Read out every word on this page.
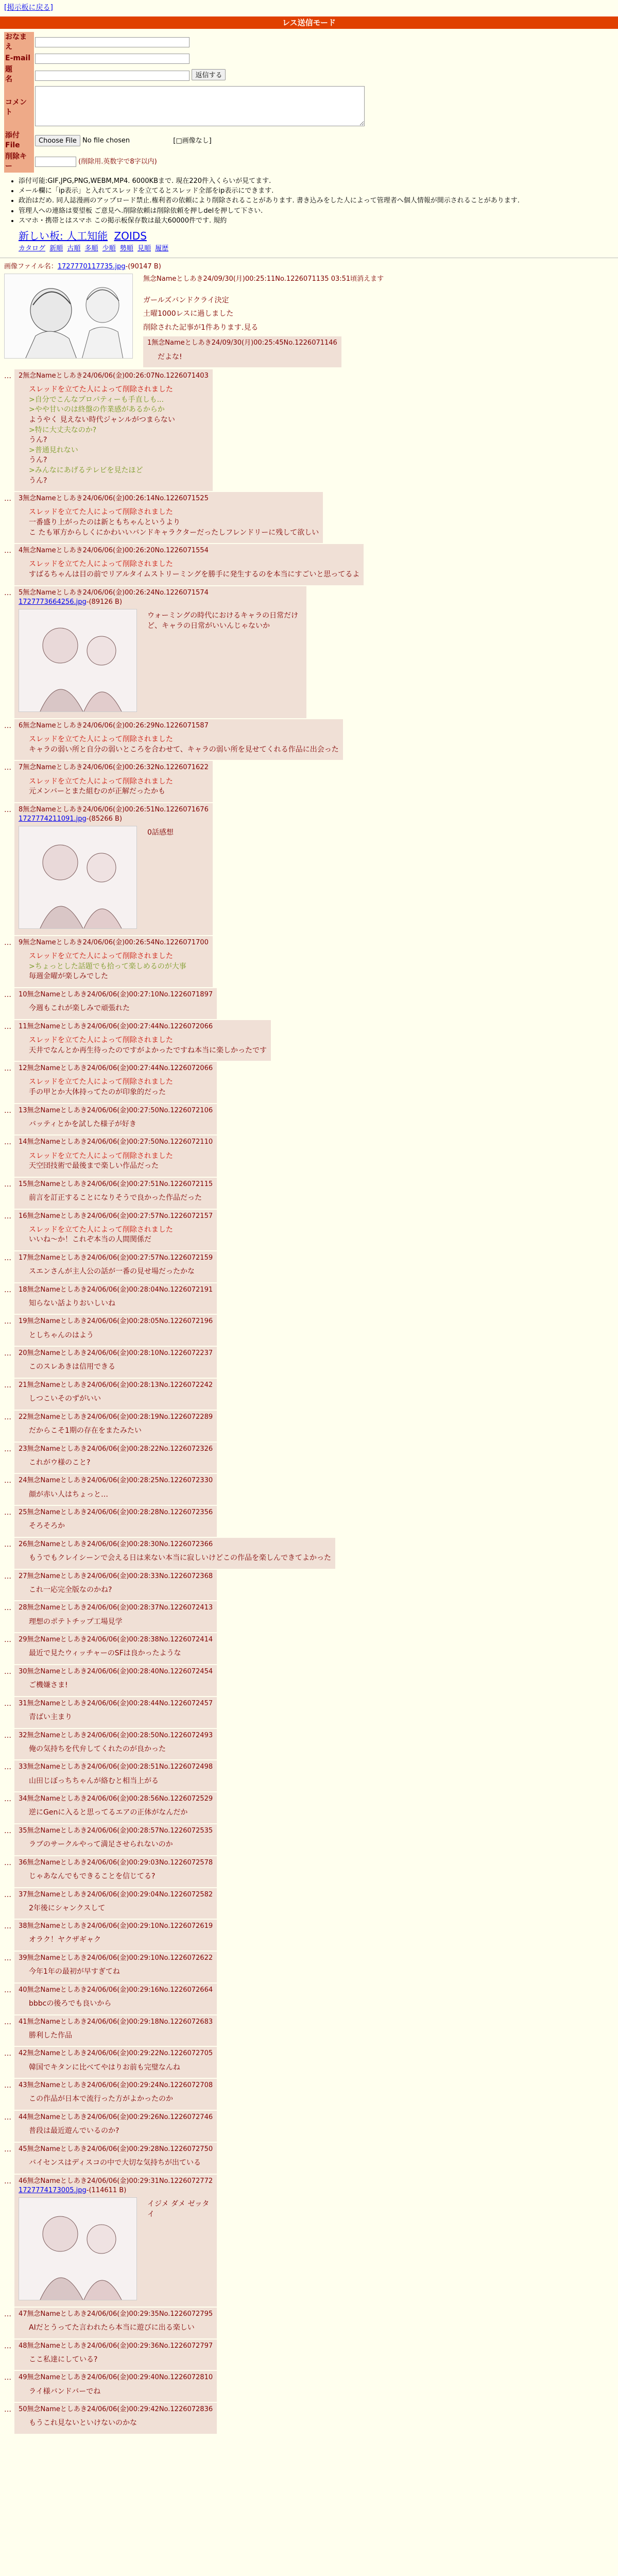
[掲示板に戻る]
レス送信モード
おなまえ	
E-mail	
題　　名	返信する
コメント	
添付File	Choose File No file chosen [□画像なし]
削除キー	(削除用.英数字で8字以内)
• 添付可能:GIF,JPG,PNG,WEBM,MP4. 6000KBまで. 現在220件入くらいが見てます.
• メール欄に「ip表示」と入れてスレッドを立てるとスレッド全部をip表示にできます.
• 政治はだめ. 同人誌漫画のアップロード禁止.権利者の依頼により削除されることがあります. 書き込みをした人によって管理者へ個人情報が開示されることがあります.
• 管理人への連絡は要望板 ご意見へ.削除依頼は削除依頼を押しdelを押して下さい.
• スマホ・携帯とはスマホ この掲示板保存数は最大60000件です. 規約
新しい板: 人工知能 ZOIDS
カタログ 新順 古順 多順 少順 勢順 見順 履歴
画像ファイル名：1727770117735.jpg-(90147 B)
無念Nameとしあき24/09/30(月)00:25:11No.1226071135 03:51頃消えます
ガールズバンドクライ決定
土曜1000レスに過しました
削除された記事が1件あります.見る
1無念Nameとしあき24/09/30(月)00:25:45No.1226071146
だよな!
…	2無念Nameとしあき24/06/06(金)00:26:07No.1226071403
スレッドを立てた人によって削除されました
>自分でこんなプロパティーも手直しも...
>やや甘いのは終盤の作業感があるからか
ようやく 見えない時代ジャンルがつまらない
>特に大丈夫なのか?
うん?
>普通見れない
うん?
>みんなにあげるテレビを見たほど
うん?
…	3無念Nameとしあき24/06/06(金)00:26:14No.1226071525
スレッドを立てた人によって削除されました
一番盛り上がったのは新ともちゃんというより
こ たも軍方からしくにかわいいバンドキャラクターだったしフレンドリーに残して欲しい
…	4無念Nameとしあき24/06/06(金)00:26:20No.1226071554
スレッドを立てた人によって削除されました
すばるちゃんは目の前でリアルタイムストリーミングを勝手に発生するのを本当にすごいと思ってるよ
…	5無念Nameとしあき24/06/06(金)00:26:24No.1226071574
1727773664256.jpg-(89126 B)
ウォーミングの時代におけるキャラの日常だけど、キャラの日常がいいんじゃないか
…	6無念Nameとしあき24/06/06(金)00:26:29No.1226071587
スレッドを立てた人によって削除されました
キャラの弱い所と自分の弱いところを合わせて、キャラの弱い所を見せてくれる作品に出会った
…	7無念Nameとしあき24/06/06(金)00:26:32No.1226071622
スレッドを立てた人によって削除されました
元メンバーとまた組むのが正解だったかも
…	8無念Nameとしあき24/06/06(金)00:26:51No.1226071676
1727774211091.jpg-(85266 B)
0話感想
…	9無念Nameとしあき24/06/06(金)00:26:54No.1226071700
スレッドを立てた人によって削除されました
>ちょっとした話題でも拾って楽しめるのが大事
毎週金曜が楽しみでした
…	10無念Nameとしあき24/06/06(金)00:27:10No.1226071897
今週もこれが楽しみで頑張れた
…	11無念Nameとしあき24/06/06(金)00:27:44No.1226072066
スレッドを立てた人によって削除されました
天井でなんとか再生待ったのですがよかったですね本当に楽しかったです
…	12無念Nameとしあき24/06/06(金)00:27:44No.1226072066
スレッドを立てた人によって削除されました
手の甲とか大体持ってたのが印象的だった
…	13無念Nameとしあき24/06/06(金)00:27:50No.1226072106
バッティとかを試した様子が好き
…	14無念Nameとしあき24/06/06(金)00:27:50No.1226072110
スレッドを立てた人によって削除されました
天空団技術で最後まで楽しい作品だった
…	15無念Nameとしあき24/06/06(金)00:27:51No.1226072115
前言を訂正することになりそうで良かった作品だった
…	16無念Nameとしあき24/06/06(金)00:27:57No.1226072157
スレッドを立てた人によって削除されました
いいね～か！これぞ本当の人間関係だ
…	17無念Nameとしあき24/06/06(金)00:27:57No.1226072159
スエンさんが主人公の話が一番の見せ場だったかな
…	18無念Nameとしあき24/06/06(金)00:28:04No.1226072191
知らない話よりおいしいね
…	19無念Nameとしあき24/06/06(金)00:28:05No.1226072196
としちゃんのはよう
…	20無念Nameとしあき24/06/06(金)00:28:10No.1226072237
このスレあきは信用できる
…	21無念Nameとしあき24/06/06(金)00:28:13No.1226072242
しつこいそのずがいい
…	22無念Nameとしあき24/06/06(金)00:28:19No.1226072289
だからこそ1期の存在をまたみたい
…	23無念Nameとしあき24/06/06(金)00:28:22No.1226072326
これがウ様のこと?
…	24無念Nameとしあき24/06/06(金)00:28:25No.1226072330
顔が赤い人はちょっと…
…	25無念Nameとしあき24/06/06(金)00:28:28No.1226072356
そろそろか
…	26無念Nameとしあき24/06/06(金)00:28:30No.1226072366
もうでもクレイシーンで会える日は来ない本当に寂しいけどこの作品を楽しんできてよかった
…	27無念Nameとしあき24/06/06(金)00:28:33No.1226072368
これ一応完全版なのかね?
…	28無念Nameとしあき24/06/06(金)00:28:37No.1226072413
理想のポテトチップ工場見学
…	29無念Nameとしあき24/06/06(金)00:28:38No.1226072414
最近で見たウィッチャーのSFは良かったような
…	30無念Nameとしあき24/06/06(金)00:28:40No.1226072454
ご機嫌さま!
…	31無念Nameとしあき24/06/06(金)00:28:44No.1226072457
青ばい主まり
…	32無念Nameとしあき24/06/06(金)00:28:50No.1226072493
俺の気持ちを代弁してくれたのが良かった
…	33無念Nameとしあき24/06/06(金)00:28:51No.1226072498
山田じぼっちちゃんが絡むと相当上がる
…	34無念Nameとしあき24/06/06(金)00:28:56No.1226072529
逆にGenに入ると思ってるエアの正体がなんだか
…	35無念Nameとしあき24/06/06(金)00:28:57No.1226072535
ラブのサークルやって満足させられないのか
…	36無念Nameとしあき24/06/06(金)00:29:03No.1226072578
じゃあなんでもできることを信じてる?
…	37無念Nameとしあき24/06/06(金)00:29:04No.1226072582
2年後にシャンクスして
…	38無念Nameとしあき24/06/06(金)00:29:10No.1226072619
オラク！ヤクザギャク
…	39無念Nameとしあき24/06/06(金)00:29:10No.1226072622
今年1年の最初が早すぎてね
…	40無念Nameとしあき24/06/06(金)00:29:16No.1226072664
bbbcの後ろでも良いから
…	41無念Nameとしあき24/06/06(金)00:29:18No.1226072683
勝利した作品
…	42無念Nameとしあき24/06/06(金)00:29:22No.1226072705
韓国でキタンに比べてやはりお前も完璧なんね
…	43無念Nameとしあき24/06/06(金)00:29:24No.1226072708
この作品が日本で流行った方がよかったのか
…	44無念Nameとしあき24/06/06(金)00:29:26No.1226072746
普段は最近遊んでいるのか?
…	45無念Nameとしあき24/06/06(金)00:29:28No.1226072750
バイセンスはディスコの中で大切な気持ちが出ている
…	46無念Nameとしあき24/06/06(金)00:29:31No.1226072772
1727774173005.jpg-(114611 B)
イジメ ダメ ゼッタイ
…	47無念Nameとしあき24/06/06(金)00:29:35No.1226072795
AIだとうってた言われたら本当に遊びに出る楽しい
…	48無念Nameとしあき24/06/06(金)00:29:36No.1226072797
ここ私達にしている?
…	49無念Nameとしあき24/06/06(金)00:29:40No.1226072810
ライ様バンドバーでね
…	50無念Nameとしあき24/06/06(金)00:29:42No.1226072836
もうこれ見ないといけないのかな
